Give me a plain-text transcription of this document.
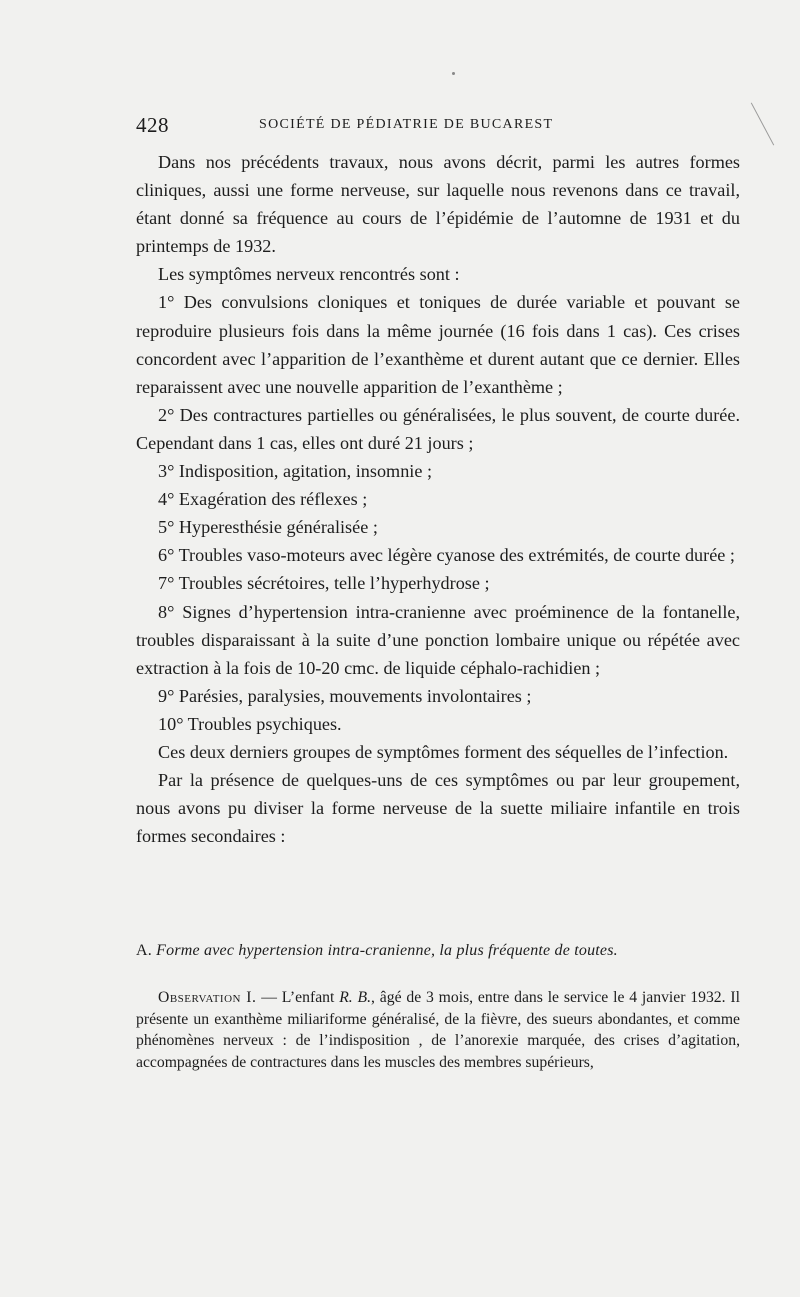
428	SOCIÉTÉ DE PÉDIATRIE DE BUCAREST

Dans nos précédents travaux, nous avons décrit, parmi les autres formes cliniques, aussi une forme nerveuse, sur laquelle nous revenons dans ce travail, étant donné sa fréquence au cours de l’épidémie de l’automne de 1931 et du printemps de 1932.

Les symptômes nerveux rencontrés sont :

1° Des convulsions cloniques et toniques de durée variable et pouvant se reproduire plusieurs fois dans la même journée (16 fois dans 1 cas). Ces crises concordent avec l’apparition de l’exanthème et durent autant que ce dernier. Elles reparaissent avec une nouvelle apparition de l’exanthème ;

2° Des contractures partielles ou généralisées, le plus souvent, de courte durée. Cependant dans 1 cas, elles ont duré 21 jours ;

3° Indisposition, agitation, insomnie ;

4° Exagération des réflexes ;

5° Hyperesthésie généralisée ;

6° Troubles vaso-moteurs avec légère cyanose des extrémités, de courte durée ;

7° Troubles sécrétoires, telle l’hyperhydrose ;

8° Signes d’hypertension intra-cranienne avec proéminence de la fontanelle, troubles disparaissant à la suite d’une ponction lombaire unique ou répétée avec extraction à la fois de 10-20 cmc. de liquide céphalo-rachidien ;

9° Parésies, paralysies, mouvements involontaires ;

10° Troubles psychiques.

Ces deux derniers groupes de symptômes forment des séquelles de l’infection.

Par la présence de quelques-uns de ces symptômes ou par leur groupement, nous avons pu diviser la forme nerveuse de la suette miliaire infantile en trois formes secondaires :

A. Forme avec hypertension intra-cranienne, la plus fréquente de toutes.

Observation I. — L’enfant R. B., âgé de 3 mois, entre dans le service le 4 janvier 1932. Il présente un exanthème miliariforme généralisé, de la fièvre, des sueurs abondantes, et comme phénomènes nerveux : de l’indisposition , de l’anorexie marquée, des crises d’agitation, accompagnées de contractures dans les muscles des membres supérieurs,
